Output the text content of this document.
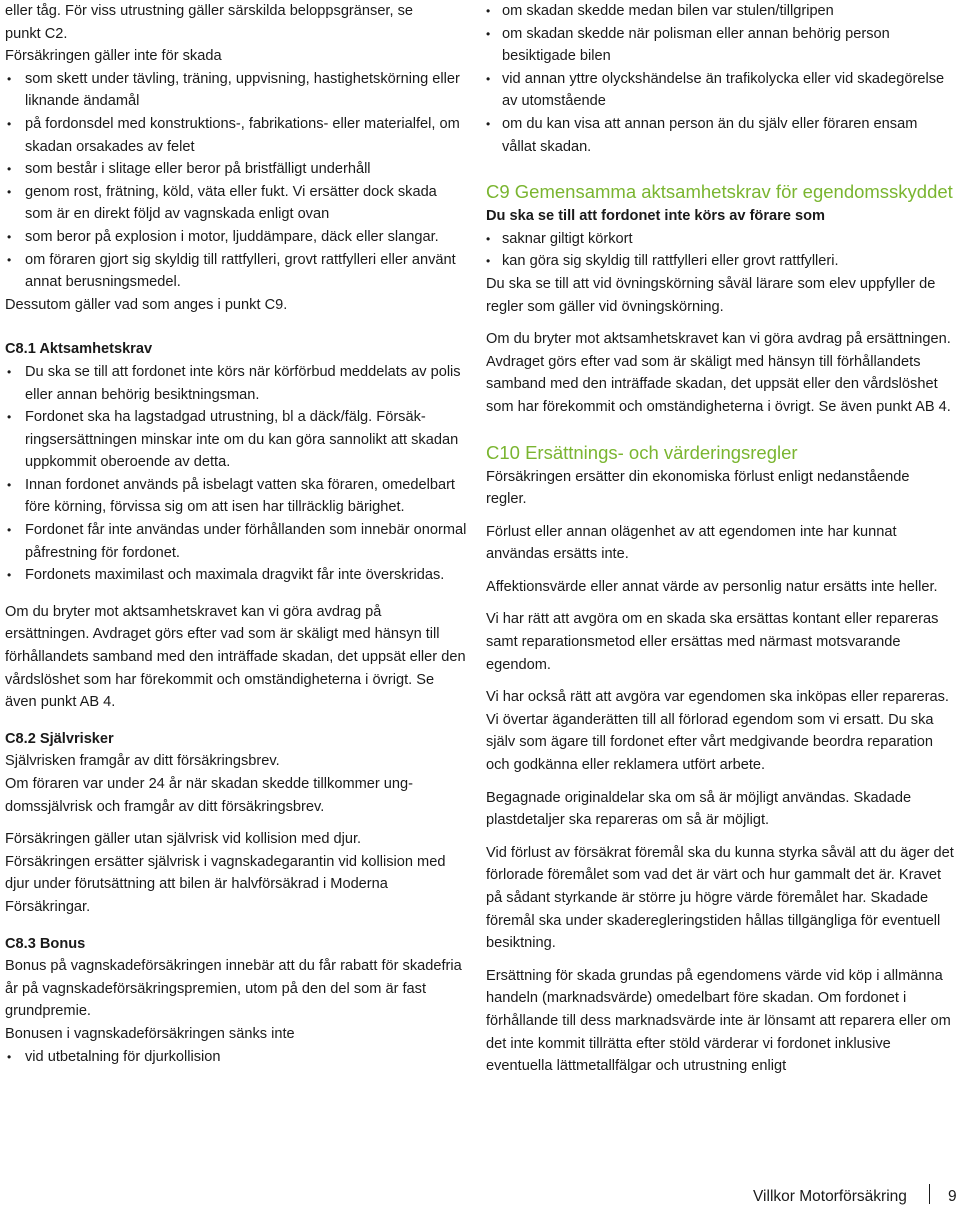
eller tåg. För viss utrustning gäller särskilda beloppsgränser, se

punkt C2.

Försäkringen gäller inte för skada

• som skett under tävling, träning, uppvisning, hastighetskörning eller liknande ändamål
• på fordonsdel med konstruktions-, fabrikations- eller materialfel, om skadan orsakades av felet
• som består i slitage eller beror på bristfälligt underhåll
• genom rost, frätning, köld, väta eller fukt. Vi ersätter dock skada som är en direkt följd av vagnskada enligt ovan
• som beror på explosion i motor, ljuddämpare, däck eller slangar.
• om föraren gjort sig skyldig till rattfylleri, grovt rattfylleri eller använt annat berusningsmedel.

Dessutom gäller vad som anges i punkt C9.

C8.1 Aktsamhetskrav

• Du ska se till att fordonet inte körs när körförbud meddelats av polis eller annan behörig besiktningsman.
• Fordonet ska ha lagstadgad utrustning, bl a däck/fälg. Försäkringsersättningen minskar inte om du kan göra sannolikt att skadan uppkommit oberoende av detta.
• Innan fordonet används på isbelagt vatten ska föraren, omedelbart före körning, förvissa sig om att isen har tillräcklig bärighet.
• Fordonet får inte användas under förhållanden som innebär onormal påfrestning för fordonet.
• Fordonets maximilast och maximala dragvikt får inte överskridas.

Om du bryter mot aktsamhetskravet kan vi göra avdrag på ersättningen. Avdraget görs efter vad som är skäligt med hänsyn till förhållandets samband med den inträffade skadan, det uppsät eller den vårdslöshet som har förekommit och omständigheterna i övrigt. Se även punkt AB 4.

C8.2 Självrisker

Självrisken framgår av ditt försäkringsbrev.

Om föraren var under 24 år när skadan skedde tillkommer ungdomssjälvrisk och framgår av ditt försäkringsbrev.

Försäkringen gäller utan självrisk vid kollision med djur.

Försäkringen ersätter självrisk i vagnskadegarantin vid kollision med djur under förutsättning att bilen är halvförsäkrad i Moderna Försäkringar.

C8.3 Bonus

Bonus på vagnskadeförsäkringen innebär att du får rabatt för skadefria år på vagnskadeförsäkringspremien, utom på den del som är fast grundpremie.

Bonusen i vagnskadeförsäkringen sänks inte

• vid utbetalning för djurkollision
• om skadan skedde medan bilen var stulen/tillgripen
• om skadan skedde när polisman eller annan behörig person besiktigade bilen
• vid annan yttre olyckshändelse än trafikolycka eller vid skadegörelse av utomstående
• om du kan visa att annan person än du själv eller föraren ensam vållat skadan.

C9 Gemensamma aktsamhetskrav för egendomsskyddet

Du ska se till att fordonet inte körs av förare som

• saknar giltigt körkort
• kan göra sig skyldig till rattfylleri eller grovt rattfylleri.

Du ska se till att vid övningskörning såväl lärare som elev uppfyller de regler som gäller vid övningskörning.

Om du bryter mot aktsamhetskravet kan vi göra avdrag på ersättningen. Avdraget görs efter vad som är skäligt med hänsyn till förhållandets samband med den inträffade skadan, det uppsät eller den vårdslöshet som har förekommit och omständigheterna i övrigt. Se även punkt AB 4.

C10 Ersättnings- och värderingsregler

Försäkringen ersätter din ekonomiska förlust enligt nedanstående regler.

Förlust eller annan olägenhet av att egendomen inte har kunnat användas ersätts inte.

Affektionsvärde eller annat värde av personlig natur ersätts inte heller.

Vi har rätt att avgöra om en skada ska ersättas kontant eller repareras samt reparationsmetod eller ersättas med närmast motsvarande egendom.

Vi har också rätt att avgöra var egendomen ska inköpas eller repareras. Vi övertar äganderätten till all förlorad egendom som vi ersatt. Du ska själv som ägare till fordonet efter vårt medgivande beordra reparation och godkänna eller reklamera utfört arbete.

Begagnade originaldelar ska om så är möjligt användas. Skadade plastdetaljer ska repareras om så är möjligt.

Vid förlust av försäkrat föremål ska du kunna styrka såväl att du äger det förlorade föremålet som vad det är värt och hur gammalt det är. Kravet på sådant styrkande är större ju högre värde föremålet har. Skadade föremål ska under skaderegleringstiden hållas tillgängliga för eventuell besiktning.

Ersättning för skada grundas på egendomens värde vid köp i allmänna handeln (marknadsvärde) omedelbart före skadan. Om fordonet i förhållande till dess marknadsvärde inte är lönsamt att reparera eller om det inte kommit tillrätta efter stöld värderar vi fordonet inklusive eventuella lättmetallfälgar och utrustning enligt

Villkor Motorförsäkring	9
